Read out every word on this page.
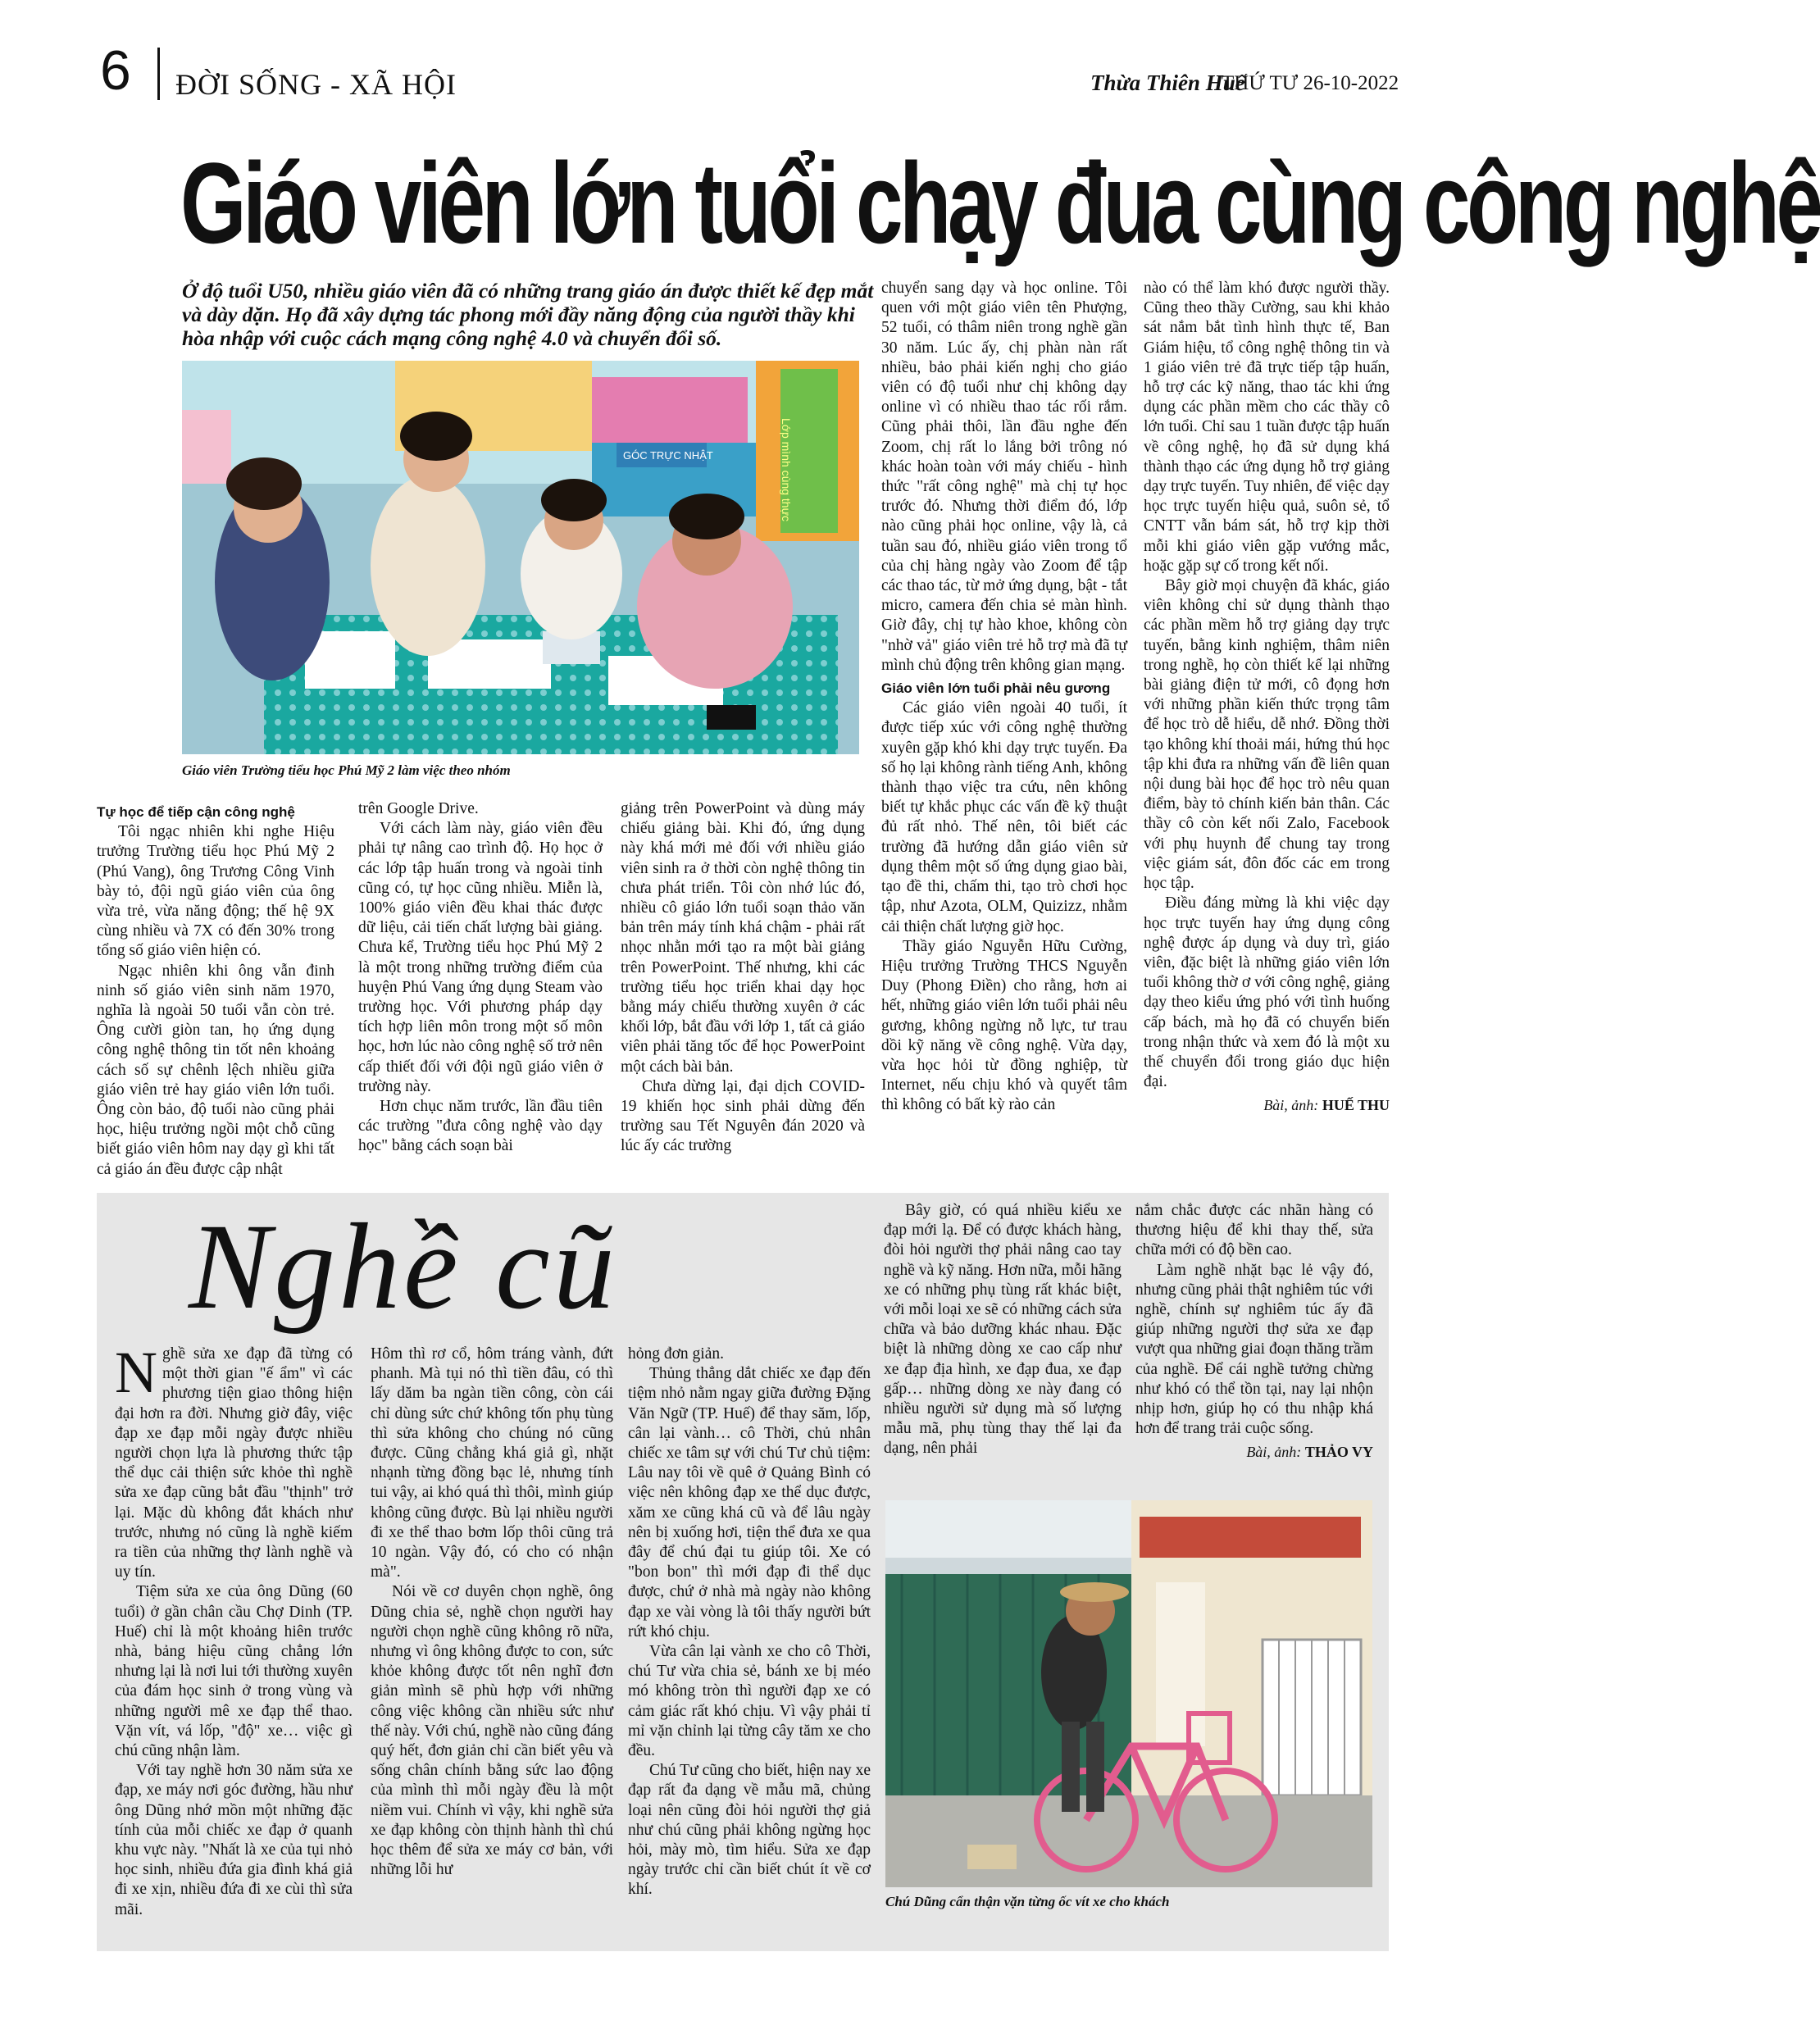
6 ĐỜI SỐNG - XÃ HỘI	Thừa Thiên Huế
THỨ TƯ 26-10-2022
Giáo viên lớn tuổi chạy đua cùng công nghệ
Ở độ tuổi U50, nhiều giáo viên đã có những trang giáo án được thiết kế đẹp mắt và dày dặn. Họ đã xây dựng tác phong mới đầy năng động của người thầy khi hòa nhập với cuộc cách mạng công nghệ 4.0 và chuyển đổi số.
GÓC TRỰC NHẬT	Lớp mình cùng thực
Giáo viên Trường tiểu học Phú Mỹ 2 làm việc theo nhóm

Tự học để tiếp cận công nghệ

Tôi ngạc nhiên khi nghe Hiệu trưởng Trường tiểu học Phú Mỹ 2 (Phú Vang), ông Trương Công Vinh bày tỏ, đội ngũ giáo viên của ông vừa trẻ, vừa năng động; thế hệ 9X cùng nhiều và 7X có đến 30% trong tổng số giáo viên hiện có.

Ngạc nhiên khi ông vẫn đinh ninh số giáo viên sinh năm 1970, nghĩa là ngoài 50 tuổi vẫn còn trẻ. Ông cười giòn tan, họ ứng dụng công nghệ thông tin tốt nên khoảng cách số sự chênh lệch nhiều giữa giáo viên trẻ hay giáo viên lớn tuổi. Ông còn bảo, độ tuổi nào cũng phải học, hiệu trưởng ngồi một chỗ cũng biết giáo viên hôm nay dạy gì khi tất cả giáo án đều được cập nhật

trên Google Drive.

Với cách làm này, giáo viên đều phải tự nâng cao trình độ. Họ học ở các lớp tập huấn trong và ngoài tỉnh cũng có, tự học cũng nhiều. Miễn là, 100% giáo viên đều khai thác được dữ liệu, cải tiến chất lượng bài giảng. Chưa kể, Trường tiểu học Phú Mỹ 2 là một trong những trường điểm của huyện Phú Vang ứng dụng Steam vào trường học. Với phương pháp dạy tích hợp liên môn trong một số môn học, hơn lúc nào công nghệ số trở nên cấp thiết đối với đội ngũ giáo viên ở trường này.

Hơn chục năm trước, lần đầu tiên các trường "đưa công nghệ vào dạy học" bằng cách soạn bài

giảng trên PowerPoint và dùng máy chiếu giảng bài. Khi đó, ứng dụng này khá mới mẻ đối với nhiều giáo viên sinh ra ở thời còn nghệ thông tin chưa phát triển. Tôi còn nhớ lúc đó, nhiều cô giáo lớn tuổi soạn thảo văn bản trên máy tính khá chậm - phải rất nhọc nhằn mới tạo ra một bài giảng trên PowerPoint. Thế nhưng, khi các trường tiểu học triển khai dạy học bằng máy chiếu thường xuyên ở các khối lớp, bắt đầu với lớp 1, tất cả giáo viên phải tăng tốc để học PowerPoint một cách bài bản.

Chưa dừng lại, đại dịch COVID-19 khiến học sinh phải dừng đến trường sau Tết Nguyên đán 2020 và lúc ấy các trường

chuyển sang dạy và học online. Tôi quen với một giáo viên tên Phượng, 52 tuổi, có thâm niên trong nghề gần 30 năm. Lúc ấy, chị phàn nàn rất nhiều, bảo phải kiến nghị cho giáo viên có độ tuổi như chị không dạy online vì có nhiều thao tác rối rắm. Cũng phải thôi, lần đầu nghe đến Zoom, chị rất lo lắng bởi trông nó khác hoàn toàn với máy chiếu - hình thức "rất công nghệ" mà chị tự học trước đó. Nhưng thời điểm đó, lớp nào cũng phải học online, vậy là, cả tuần sau đó, nhiều giáo viên trong tổ của chị hàng ngày vào Zoom để tập các thao tác, từ mở ứng dụng, bật - tắt micro, camera đến chia sẻ màn hình. Giờ đây, chị tự hào khoe, không còn "nhờ vả" giáo viên trẻ hỗ trợ mà đã tự mình chủ động trên không gian mạng.

Giáo viên lớn tuổi phải nêu gương

Các giáo viên ngoài 40 tuổi, ít được tiếp xúc với công nghệ thường xuyên gặp khó khi dạy trực tuyến. Đa số họ lại không rành tiếng Anh, không thành thạo việc tra cứu, nên không biết tự khắc phục các vấn đề kỹ thuật đủ rất nhỏ. Thế nên, tôi biết các trường đã hướng dẫn giáo viên sử dụng thêm một số ứng dụng giao bài, tạo đề thi, chấm thi, tạo trò chơi học tập, như Azota, OLM, Quizizz, nhằm cải thiện chất lượng giờ học.

Thầy giáo Nguyễn Hữu Cường, Hiệu trưởng Trường THCS Nguyễn Duy (Phong Điền) cho rằng, hơn ai hết, những giáo viên lớn tuổi phải nêu gương, không ngừng nỗ lực, tư trau dồi kỹ năng về công nghệ. Vừa dạy, vừa học hỏi từ đồng nghiệp, từ Internet, nếu chịu khó và quyết tâm thì không có bất kỳ rào cản

nào có thể làm khó được người thầy. Cũng theo thầy Cường, sau khi khảo sát nắm bắt tình hình thực tế, Ban Giám hiệu, tổ công nghệ thông tin và 1 giáo viên trẻ đã trực tiếp tập huấn, hỗ trợ các kỹ năng, thao tác khi ứng dụng các phần mềm cho các thầy cô lớn tuổi. Chỉ sau 1 tuần được tập huấn về công nghệ, họ đã sử dụng khá thành thạo các ứng dụng hỗ trợ giảng dạy trực tuyến. Tuy nhiên, để việc dạy học trực tuyến hiệu quả, suôn sẻ, tổ CNTT vẫn bám sát, hỗ trợ kịp thời mỗi khi giáo viên gặp vướng mắc, hoặc gặp sự cố trong kết nối.

Bây giờ mọi chuyện đã khác, giáo viên không chỉ sử dụng thành thạo các phần mềm hỗ trợ giảng dạy trực tuyến, bằng kinh nghiệm, thâm niên trong nghề, họ còn thiết kế lại những bài giảng điện tử mới, cô đọng hơn với những phần kiến thức trọng tâm để học trò dễ hiểu, dễ nhớ. Đồng thời tạo không khí thoải mái, hứng thú học tập khi đưa ra những vấn đề liên quan nội dung bài học để học trò nêu quan điểm, bày tỏ chính kiến bản thân. Các thầy cô còn kết nối Zalo, Facebook với phụ huynh để chung tay trong việc giám sát, đôn đốc các em trong học tập.

Điều đáng mừng là khi việc dạy học trực tuyến hay ứng dụng công nghệ được áp dụng và duy trì, giáo viên, đặc biệt là những giáo viên lớn tuổi không thờ ơ với công nghệ, giảng dạy theo kiểu ứng phó với tình huống cấp bách, mà họ đã có chuyển biến trong nhận thức và xem đó là một xu thế chuyển đổi trong giáo dục hiện đại.

Bài, ảnh: HUẾ THU
Nghề cũ

Nghề sửa xe đạp đã từng có một thời gian "ế ẩm" vì các phương tiện giao thông hiện đại hơn ra đời. Nhưng giờ đây, việc đạp xe đạp mỗi ngày được nhiều người chọn lựa là phương thức tập thể dục cải thiện sức khỏe thì nghề sửa xe đạp cũng bắt đầu "thịnh" trở lại. Mặc dù không đắt khách như trước, nhưng nó cũng là nghề kiếm ra tiền của những thợ lành nghề và uy tín.

Tiệm sửa xe của ông Dũng (60 tuổi) ở gần chân cầu Chợ Dinh (TP. Huế) chỉ là một khoảng hiên trước nhà, bảng hiệu cũng chẳng lớn nhưng lại là nơi lui tới thường xuyên của đám học sinh ở trong vùng và những người mê xe đạp thể thao. Vặn vít, vá lốp, "độ" xe… việc gì chú cũng nhận làm.

Với tay nghề hơn 30 năm sửa xe đạp, xe máy nơi góc đường, hầu như ông Dũng nhớ mồn một những đặc tính của mỗi chiếc xe đạp ở quanh khu vực này. "Nhất là xe của tụi nhỏ học sinh, nhiều đứa gia đình khá giả đi xe xịn, nhiều đứa đi xe cùi thì sửa mãi.

Hôm thì rơ cổ, hôm tráng vành, đứt phanh. Mà tụi nó thì tiền đâu, có thì lấy dăm ba ngàn tiền công, còn cái chỉ dùng sức chứ không tốn phụ tùng thì sửa không cho chúng nó cũng được. Cũng chẳng khá giả gì, nhặt nhạnh từng đồng bạc lẻ, nhưng tính tui vậy, ai khó quá thì thôi, mình giúp không cũng được. Bù lại nhiều người đi xe thể thao bơm lốp thôi cũng trả 10 ngàn. Vậy đó, có cho có nhận mà".

Nói về cơ duyên chọn nghề, ông Dũng chia sẻ, nghề chọn người hay người chọn nghề cũng không rõ nữa, nhưng vì ông không được to con, sức khỏe không được tốt nên nghĩ đơn giản mình sẽ phù hợp với những công việc không cần nhiều sức như thế này. Với chú, nghề nào cũng đáng quý hết, đơn giản chỉ cần biết yêu và sống chân chính bằng sức lao động của mình thì mỗi ngày đều là một niềm vui. Chính vì vậy, khi nghề sửa xe đạp không còn thịnh hành thì chú học thêm để sửa xe máy cơ bản, với những lỗi hư

hỏng đơn giản.

Thủng thẳng dắt chiếc xe đạp đến tiệm nhỏ nằm ngay giữa đường Đặng Văn Ngữ (TP. Huế) để thay săm, lốp, cân lại vành… cô Thời, chủ nhân chiếc xe tâm sự với chú Tư chủ tiệm: Lâu nay tôi về quê ở Quảng Bình có việc nên không đạp xe thể dục được, xăm xe cũng khá cũ và để lâu ngày nên bị xuống hơi, tiện thể đưa xe qua đây để chú đại tu giúp tôi. Xe có "bon bon" thì mới đạp đi thể dục được, chứ ở nhà mà ngày nào không đạp xe vài vòng là tôi thấy người bứt rứt khó chịu.

Vừa cân lại vành xe cho cô Thời, chú Tư vừa chia sẻ, bánh xe bị méo mó không tròn thì người đạp xe có cảm giác rất khó chịu. Vì vậy phải tỉ mỉ vặn chỉnh lại từng cây tăm xe cho đều.

Chú Tư cũng cho biết, hiện nay xe đạp rất đa dạng về mẫu mã, chủng loại nên cũng đòi hỏi người thợ giả như chú cũng phải không ngừng học hỏi, mày mò, tìm hiểu. Sửa xe đạp ngày trước chỉ cần biết chút ít về cơ khí.

Bây giờ, có quá nhiều kiểu xe đạp mới lạ. Để có được khách hàng, đòi hỏi người thợ phải nâng cao tay nghề và kỹ năng. Hơn nữa, mỗi hãng xe có những phụ tùng rất khác biệt, với mỗi loại xe sẽ có những cách sửa chữa và bảo dưỡng khác nhau. Đặc biệt là những dòng xe cao cấp như xe đạp địa hình, xe đạp đua, xe đạp gấp… những dòng xe này đang có nhiều người sử dụng mà số lượng mẫu mã, phụ tùng thay thế lại đa dạng, nên phải

nắm chắc được các nhãn hàng có thương hiệu để khi thay thế, sửa chữa mới có độ bền cao.

Làm nghề nhặt bạc lẻ vậy đó, nhưng cũng phải thật nghiêm túc với nghề, chính sự nghiêm túc ấy đã giúp những người thợ sửa xe đạp vượt qua những giai đoạn thăng trầm của nghề. Để cái nghề tưởng chừng như khó có thể tồn tại, nay lại nhộn nhịp hơn, giúp họ có thu nhập khá hơn để trang trải cuộc sống.

Bài, ảnh: THẢO VY
Chú Dũng cẩn thận vặn từng ốc vít xe cho khách
